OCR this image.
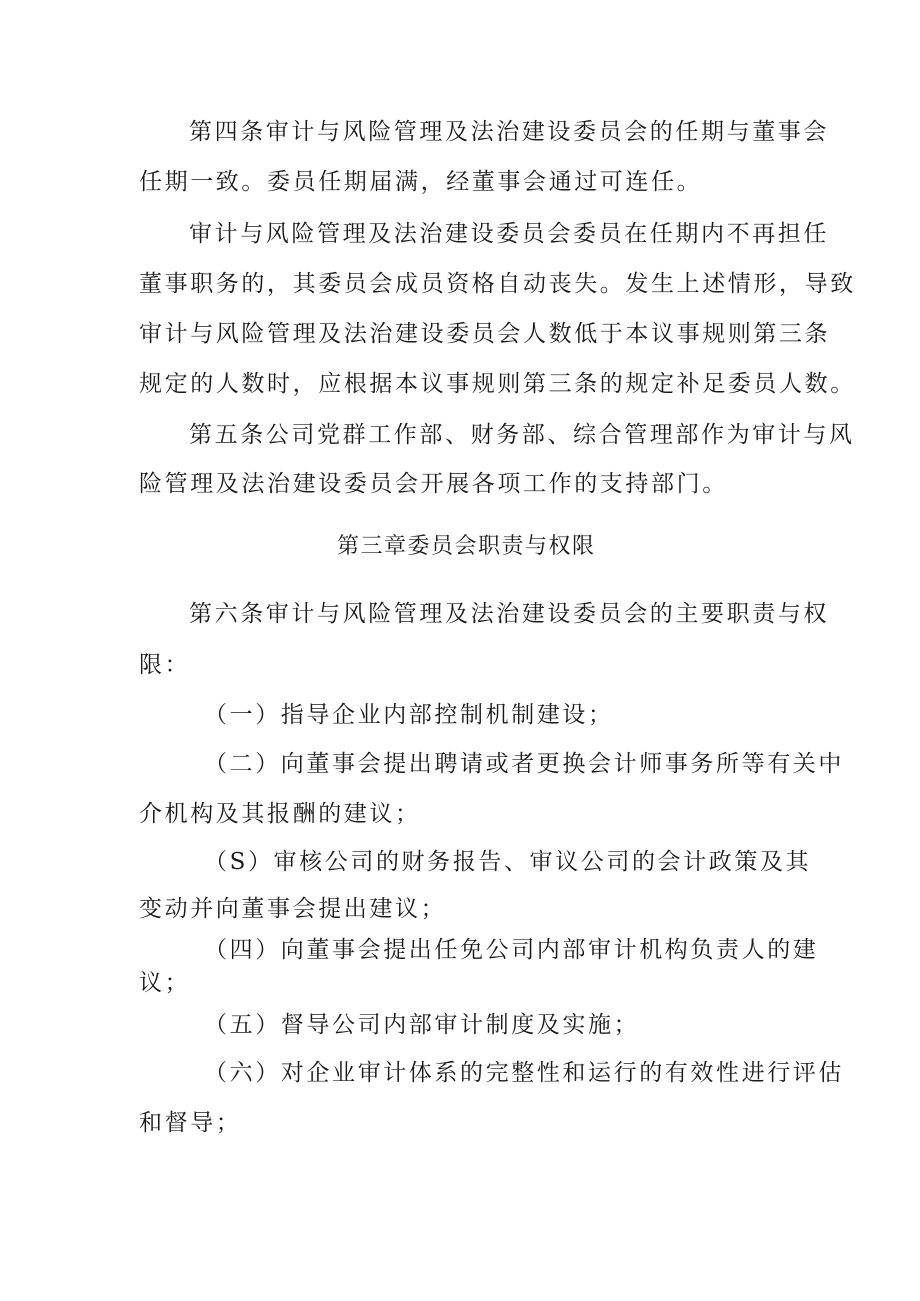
第四条审计与风险管理及法治建设委员会的任期与董事会
任期一致。委员任期届满，经董事会通过可连任。
审计与风险管理及法治建设委员会委员在任期内不再担任
董事职务的，其委员会成员资格自动丧失。发生上述情形，导致
审计与风险管理及法治建设委员会人数低于本议事规则第三条
规定的人数时，应根据本议事规则第三条的规定补足委员人数。
第五条公司党群工作部、财务部、综合管理部作为审计与风
险管理及法治建设委员会开展各项工作的支持部门。
第三章委员会职责与权限
第六条审计与风险管理及法治建设委员会的主要职责与权
限：
（一）指导企业内部控制机制建设；
（二）向董事会提出聘请或者更换会计师事务所等有关中
介机构及其报酬的建议；
（S）审核公司的财务报告、审议公司的会计政策及其
变动并向董事会提出建议；
（四）向董事会提出任免公司内部审计机构负责人的建
议；
（五）督导公司内部审计制度及实施；
（六）对企业审计体系的完整性和运行的有效性进行评估
和督导；
